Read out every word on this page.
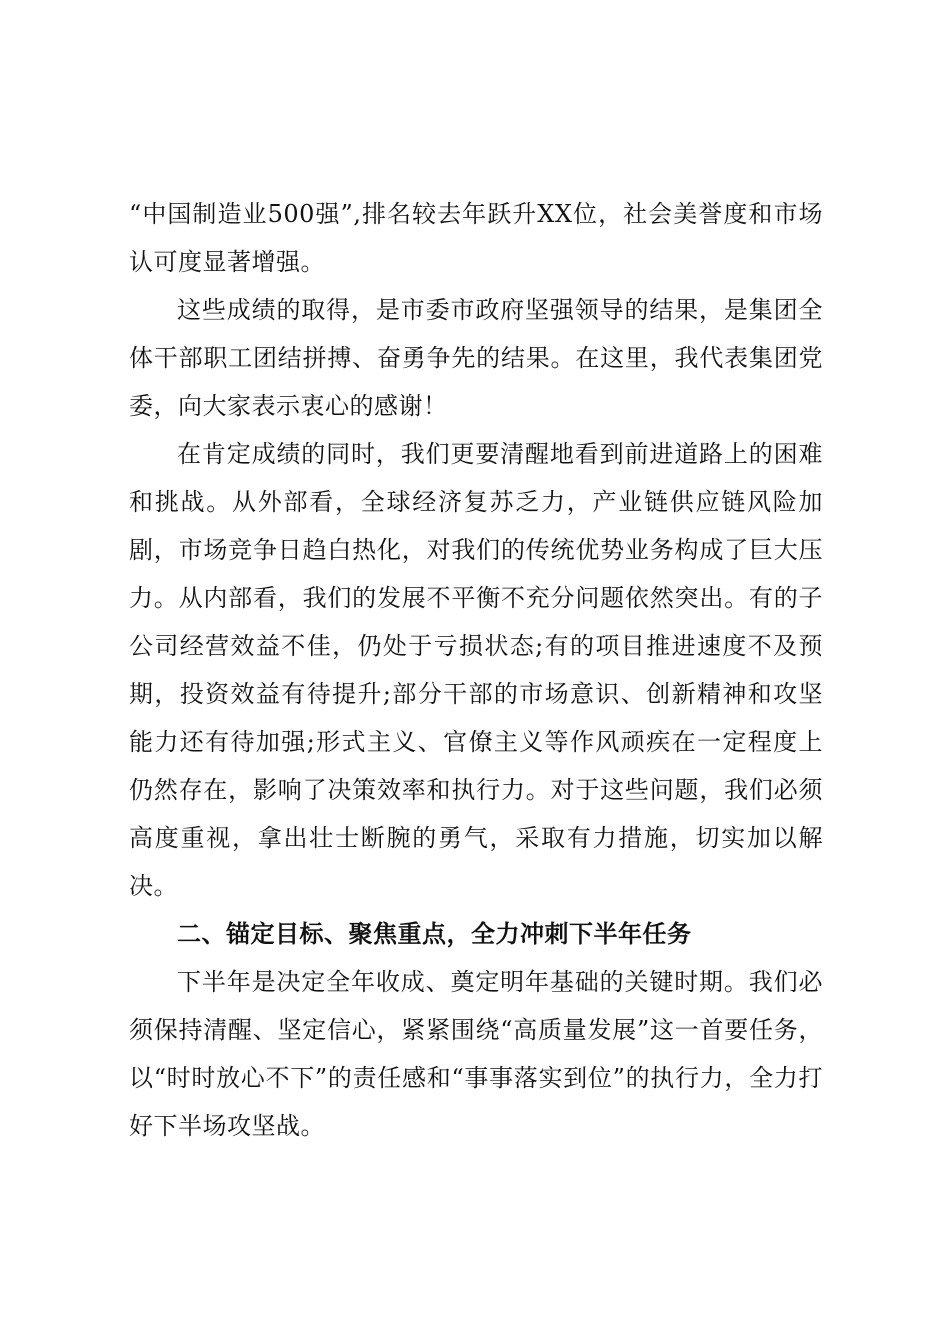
“中国制造业500强”,排名较去年跃升XX位，社会美誉度和市场认可度显著增强。

这些成绩的取得，是市委市政府坚强领导的结果，是集团全体干部职工团结拼搏、奋勇争先的结果。在这里，我代表集团党委，向大家表示衷心的感谢！

在肯定成绩的同时，我们更要清醒地看到前进道路上的困难和挑战。从外部看，全球经济复苏乏力，产业链供应链风险加剧，市场竞争日趋白热化，对我们的传统优势业务构成了巨大压力。从内部看，我们的发展不平衡不充分问题依然突出。有的子公司经营效益不佳，仍处于亏损状态;有的项目推进速度不及预期，投资效益有待提升;部分干部的市场意识、创新精神和攻坚能力还有待加强;形式主义、官僚主义等作风顽疾在一定程度上仍然存在，影响了决策效率和执行力。对于这些问题，我们必须高度重视，拿出壮士断腕的勇气，采取有力措施，切实加以解决。

二、锚定目标、聚焦重点，全力冲刺下半年任务

下半年是决定全年收成、奠定明年基础的关键时期。我们必须保持清醒、坚定信心，紧紧围绕“高质量发展”这一首要任务，以“时时放心不下”的责任感和“事事落实到位”的执行力，全力打好下半场攻坚战。
